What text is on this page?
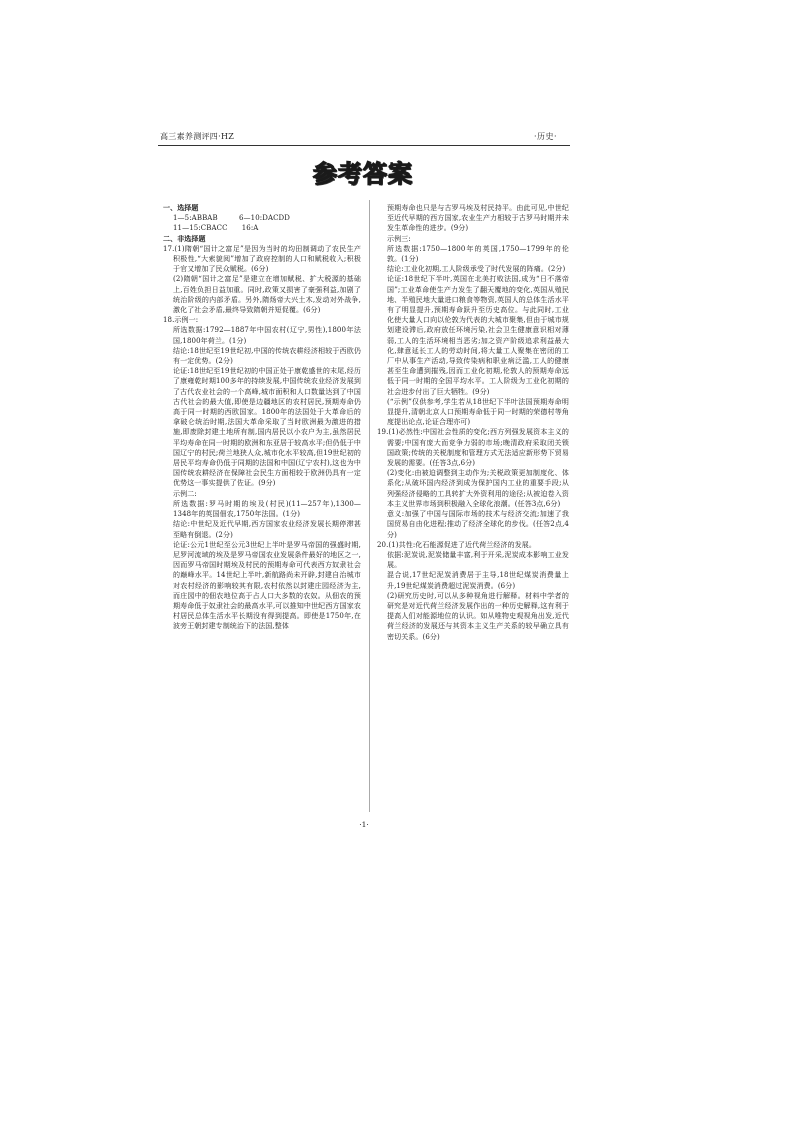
高三素养测评四·HZ	·历史·
参考答案

一、选择题

1—5:ABBAB　　　6—10:DACDD

11—15:CBACC　　16:A

二、非选择题

17.(1)隋朝“国计之富足”是因为当时的均田制调动了农民生产积极性,“大索貌阅”增加了政府控制的人口和赋税收入;积极于官又增加了民众赋税。(6分)

(2)隋朝“国计之富足”是建立在增加赋税、扩大税源的基础上,百姓负担日益加重。同时,政策又损害了豪强利益,加剧了统治阶级的内部矛盾。另外,隋炀帝大兴土木,发动对外战争,激化了社会矛盾,最终导致隋朝并短促覆。(6分)

18.示例一:

所选数据:1792—1887年中国农村(辽宁,男性),1800年法国,1800年荷兰。(1分)

结论:18世纪至19世纪初,中国的传统农耕经济相较于西欧仍有一定优势。(2分)

论证:18世纪至19世纪初的中国正处于康乾盛世的末尾,经历了康雍乾时期100多年的持续发展,中国传统农业经济发展到了古代农业社会的一个高峰,城市面积和人口数量达到了中国古代社会的最大值,即使是边疆地区的农村居民,预期寿命仍高于同一时期的西欧国家。1800年的法国处于大革命后的拿破仑统治时期,法国大革命采取了当时欧洲最为激进的措施,即废除封建土地所有制,国内居民以小农户为主,虽然居民平均寿命在同一时期的欧洲和东亚居于较高水平;但仍低于中国辽宁的村民;荷兰地狭人众,城市化水平较高,但19世纪初的居民平均寿命仍低于同期的法国和中国(辽宁农村),这也为中国传统农耕经济在保障社会民生方面相较于欧洲仍具有一定优势这一事实提供了佐证。(9分)

示例二:

所选数据:罗马时期的埃及(村民)(11—257年),1300—1348年的英国佃农,1750年法国。(1分)

结论:中世纪及近代早期,西方国家农业经济发展长期停滞甚至略有倒退。(2分)

论证:公元1世纪至公元3世纪上半叶是罗马帝国的强盛时期,尼罗河流域的埃及是罗马帝国农业发展条件最好的地区之一,因而罗马帝国时期埃及村民的预期寿命可代表西方奴隶社会的巅峰水平。14世纪上半叶,新航路尚未开辟,封建自治城市对农村经济的影响较其有限,农村依然以封建庄园经济为主,而庄园中的佃农地位高于占人口大多数的农奴。从佃农的预期寿命低于奴隶社会的最高水平,可以推知中世纪西方国家农村居民总体生活水平长期没有得到提高。即使是1750年,在波旁王朝封建专制统治下的法国,整体

预期寿命也只是与古罗马埃及村民持平。由此可见,中世纪至近代早期的西方国家,农业生产力相较于古罗马时期并未发生革命性的进步。(9分)

示例三:

所选数据:1750—1800年的英国,1750—1799年的伦敦。(1分)

结论:工业化初期,工人阶级承受了时代发展的阵痛。(2分)

论证:18世纪下半叶,英国在北美打败法国,成为“日不落帝国”;工业革命使生产力发生了翻天覆地的变化,英国从殖民地、半殖民地大量进口粮食等物资,英国人的总体生活水平有了明显提升,预期寿命跃升至历史高位。与此同时,工业化使大量人口向以伦敦为代表的大城市聚集,但由于城市规划建设滞后,政府放任环境污染,社会卫生健康意识相对薄弱,工人的生活环境相当恶劣;加之资产阶级追求利益最大化,肆意延长工人的劳动时间,将大量工人聚集在密闭的工厂中从事生产活动,导致传染病和职业病泛滥,工人的健康甚至生命遭到摧残,因而工业化初期,伦敦人的预期寿命远低于同一时期的全国平均水平。工人阶级为工业化初期的社会进步付出了巨大牺牲。(9分)

(“示例”仅供参考,学生若从18世纪下半叶法国预期寿命明显提升,清朝北京人口预期寿命低于同一时期的荣德村等角度提出论点,论证合理亦可)

19.(1)必然性:中国社会性质的变化;西方列强发展资本主义的需要;中国有庞大而竞争力弱的市场;晚清政府采取闭关锁国政策;传统的关税制度和管理方式无法适应新形势下贸易发展的需要。(任答3点,6分)

(2)变化:由被迫调整到主动作为;关税政策更加制度化、体系化;从破坏国内经济到成为保护国内工业的重要手段;从列强经济侵略的工具转扩大外资利用的途径;从被迫卷入资本主义世界市场到积极融入全球化浪潮。(任答3点,6分)

意义:加强了中国与国际市场的技术与经济交流;加速了我国贸易自由化进程;推动了经济全球化的步伐。(任答2点,4分)

20.(1)共性:化石能源促进了近代荷兰经济的发展。

依据:泥炭说,泥炭储量丰富,利于开采,泥炭成本影响工业发展。

混合说,17世纪泥炭消费居于主导,18世纪煤炭消费量上升,19世纪煤炭消费超过泥炭消费。(6分)

(2)研究历史时,可以从多种视角进行解释。材料中学者的研究是对近代荷兰经济发展作出的一种历史解释,这有利于提高人们对能源地位的认识。如从唯物史观视角出发,近代荷兰经济的发展还与其资本主义生产关系的较早确立具有密切关系。(6分)

·1·
